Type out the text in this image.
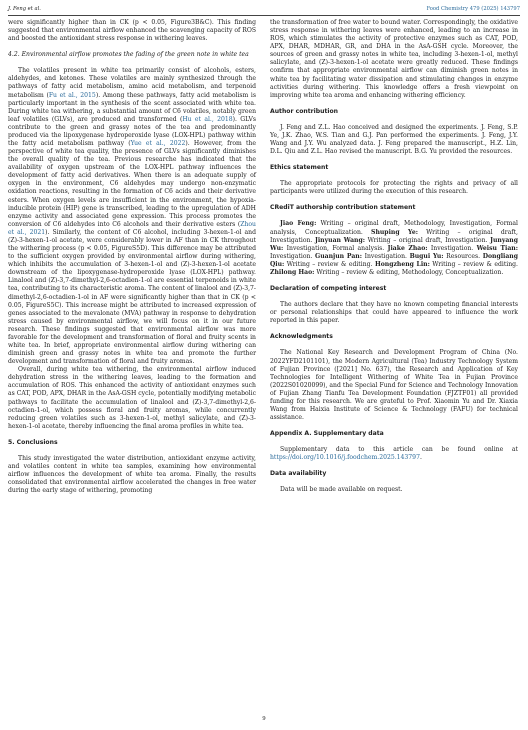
J. Feng et al.	Food Chemistry 479 (2025) 143797

were significantly higher than in CK (p < 0.05, Figure3B&C). This finding suggested that environmental airflow enhanced the scavenging capacity of ROS and boosted the antioxidant stress response in withering leaves.

4.2. Environmental airflow promotes the fading of the green note in white tea

The volatiles present in white tea primarily consist of alcohols, esters, aldehydes, and ketones. These volatiles are mainly synthesized through the pathways of fatty acid metabolism, amino acid metabolism, and terpenoid metabolism (Fu et al., 2015). Among these pathways, fatty acid metabolism is particularly important in the synthesis of the scent associated with white tea. During white tea withering, a substantial amount of C6 volatiles, notably green leaf volatiles (GLVs), are produced and transformed (Hu et al., 2018). GLVs contribute to the green and grassy notes of the tea and predominantly produced via the lipoxygenase hydroperoxide lyase (LOX-HPL) pathway within the fatty acid metabolism pathway (Yue et al., 2022). However, from the perspective of white tea quality, the presence of GLVs significantly diminishes the overall quality of the tea. Previous researche has indicated that the availability of oxygen upstream of the LOX-HPL pathway influences the development of fatty acid derivatives. When there is an adequate supply of oxygen in the environment, C6 aldehydes may undergo non-enzymatic oxidation reactions, resulting in the formation of C6 acids and their derivative esters. When oxygen levels are insufficient in the environment, the hypoxia-inducible protein (HIP) gene is transcribed, leading to the upregulation of ADH enzyme activity and associated gene expression. This process promotes the conversion of C6 aldehydes into C6 alcohols and their derivative esters (Zhou et al., 2021). Similarly, the content of C6 alcohol, including 3-hexen-1-ol and (Z)-3-hexen-1-ol acetate, were considerably lower in AF than in CK throughout the withering process (p < 0.05, FigureS5D). This difference may be attributed to the sufficient oxygen provided by environmental airflow during withering, which inhibits the accumulation of 3-hexen-1-ol and (Z)-3-hexen-1-ol acetate downstream of the lipoxygenase-hydroperoxide lyase (LOX-HPL) pathway. Linalool and (Z)-3,7-dimethyl-2,6-octadien-1-ol are essential terpenoids in white tea, contributing to its characteristic aroma. The content of linalool and (Z)-3,7-dimethyl-2,6-octadien-1-ol in AF were significantly higher than that in CK (p < 0.05, FigureS5C). This increase might be attributed to increased expression of genes associated to the mevalonate (MVA) pathway in response to dehydration stress caused by environmental airflow, we will focus on it in our future research. These findings suggested that environmental airflow was more favorable for the development and transformation of floral and fruity scents in white tea. In brief, appropriate environmental airflow during withering can diminish green and grassy notes in white tea and promote the further development and transformation of floral and fruity aromas.

Overall, during white tea withering, the environmental airflow induced dehydration stress in the withering leaves, leading to the formation and accumulation of ROS. This enhanced the activity of antioxidant enzymes such as CAT, POD, APX, DHAR in the AsA-GSH cycle, potentially modifying metabolic pathways to facilitate the accumulation of linalool and (Z)-3,7-dimethyl-2,6-octadien-1-ol, which possess floral and fruity aromas, while concurrently reducing green volatiles such as 3-hexen-1-ol, methyl salicylate, and (Z)-3-hexen-1-ol acetate, thereby influencing the final aroma profiles in white tea.

5. Conclusions

This study investigated the water distribution, antioxidant enzyme activity, and volatiles content in white tea samples, examining how environmental airflow influences the development of white tea aroma. Finally, the results consolidated that environmental airflow accelerated the changes in free water during the early stage of withering, promoting

the transformation of free water to bound water. Correspondingly, the oxidative stress response in withering leaves were enhanced, leading to an increase in ROS, which stimulates the activity of protective enzymes such as CAT, POD, APX, DHAR, MDHAR, GR, and DHA in the AsA-GSH cycle. Moreover, the sources of green and grassy notes in white tea, including 3-hexen-1-ol, methyl salicylate, and (Z)-3-hexen-1-ol acetate were greatly reduced. These findings confirm that appropriate environmental airflow can diminish green notes in white tea by facilitating water dissipation and stimulating changes in enzyme activities during withering. This knowledge offers a fresh viewpoint on improving white tea aroma and enhancing withering efficiency.

Author contribution

J. Feng and Z.L. Hao conceived and designed the experiments. J. Feng, S.P. Ye, J.K. Zhao, W.S. Tian and G.J. Pan performed the experiments. J. Feng, J.Y. Wang and J.Y. Wu analyzed data. J. Feng prepared the manuscript., H.Z. Lin, D.L. Qiu and Z.L. Hao revised the manuscript. B.G. Yu provided the resources.

Ethics statement

The appropriate protocols for protecting the rights and privacy of all participants were utilized during the execution of this research.

CRediT authorship contribution statement

Jiao Feng: Writing – original draft, Methodology, Investigation, Formal analysis, Conceptualization. Shuping Ye: Writing – original draft, Investigation. Jinyuan Wang: Writing – original draft, Investigation. Junyang Wu: Investigation, Formal analysis. Jiake Zhao: Investigation. Weisu Tian: Investigation. Guanjun Pan: Investigation. Bugui Yu: Resources. Dongliang Qiu: Writing – review & editing. Hongzheng Lin: Writing – review & editing. Zhilong Hao: Writing – review & editing, Methodology, Conceptualization.

Declaration of competing interest

The authors declare that they have no known competing financial interests or personal relationships that could have appeared to influence the work reported in this paper.

Acknowledgments

The National Key Research and Development Program of China (No. 2022YFD2101101), the Modern Agricultural (Tea) Industry Technology System of Fujian Province ([2021] No. 637), the Research and Application of Key Technologies for Intelligent Withering of White Tea in Fujian Province (2022S01020099), and the Special Fund for Science and Technology Innovation of Fujian Zhang Tianfu Tea Development Foundation (FJZTF01) all provided funding for this research. We are grateful to Prof. Xiaomin Yu and Dr. Xiaxia Wang from Haixia Institute of Science & Technology (FAFU) for technical assistance.

Appendix A. Supplementary data

Supplementary data to this article can be found online at https://doi.org/10.1016/j.foodchem.2025.143797.

Data availability

Data will be made available on request.

9
